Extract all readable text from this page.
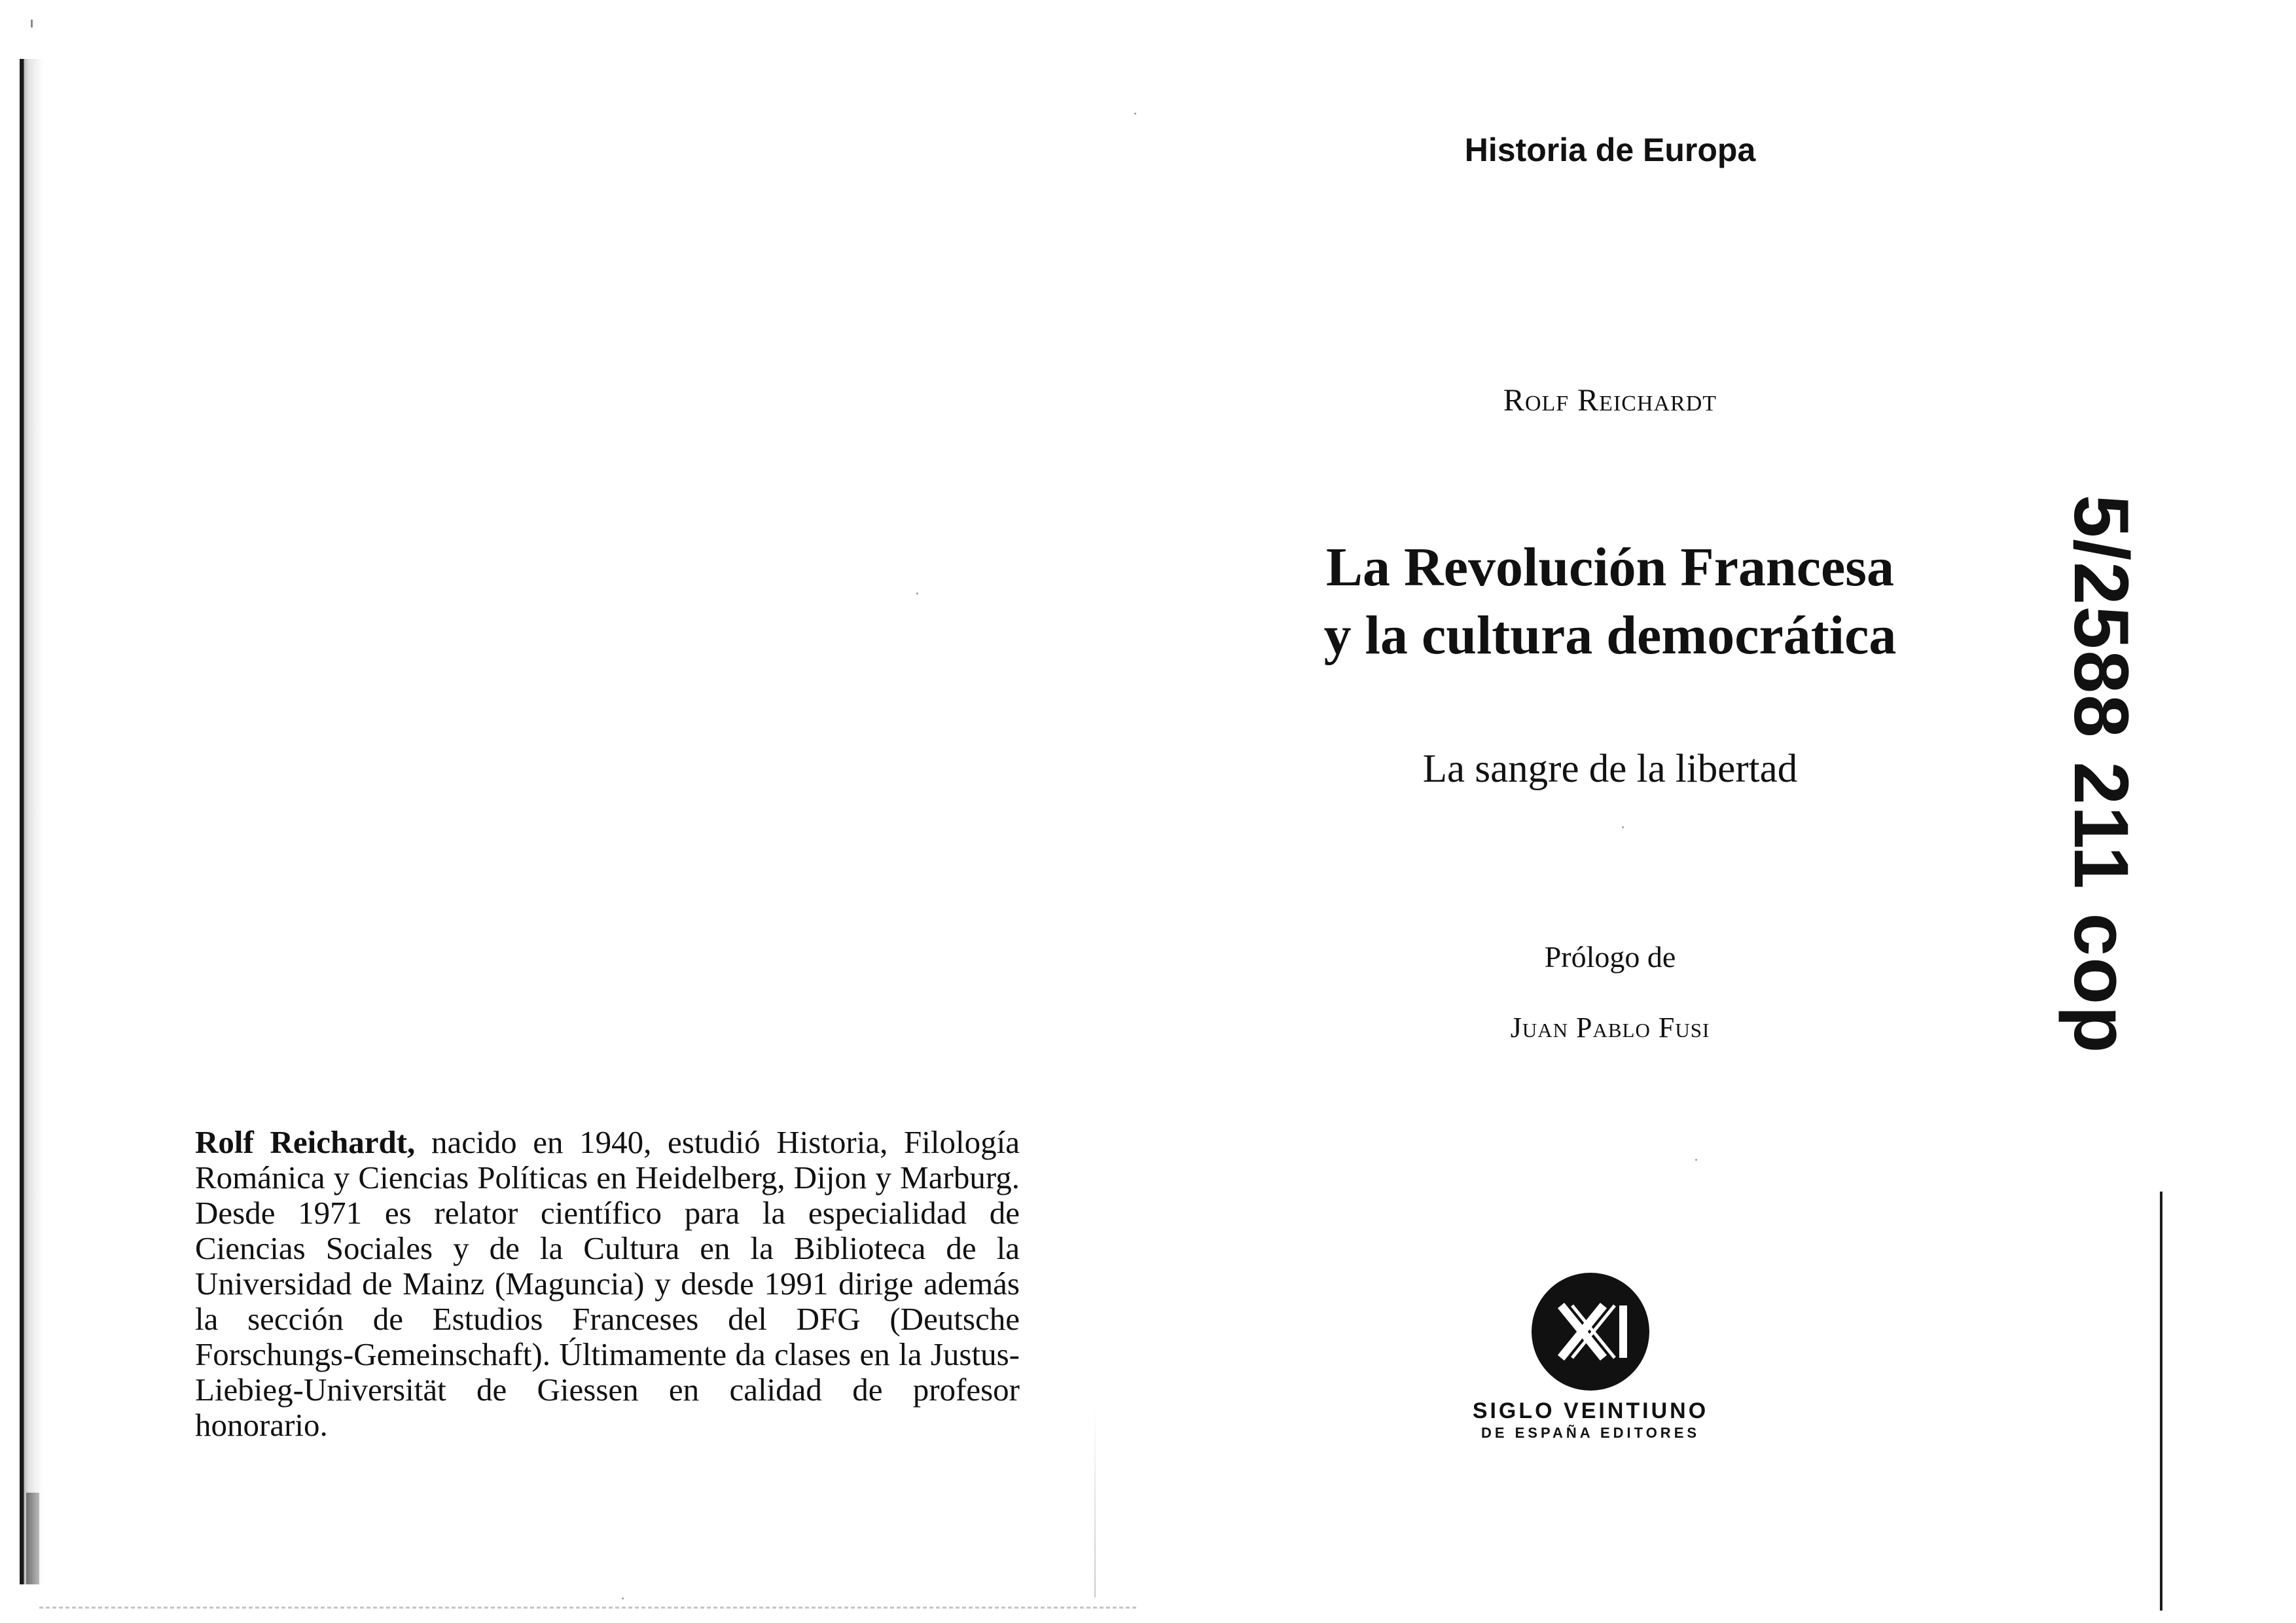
Rolf Reichardt, nacido en 1940, estudió Historia, Filología Románica y Ciencias Políticas en Heidelberg, Dijon y Marburg. Desde 1971 es relator científico para la especialidad de Ciencias Sociales y de la Cultura en la Biblioteca de la Universidad de Mainz (Maguncia) y desde 1991 dirige además la sección de Estudios Franceses del DFG (Deutsche Forschungs-Gemeinschaft). Últimamente da clases en la Justus-Liebieg-Universität de Giessen en calidad de profesor honorario.
Historia de Europa
Rolf Reichardt
La Revolución Francesa
y la cultura democrática
La sangre de la libertad
Prólogo de
Juan Pablo Fusi
SIGLO VEINTIUNO
DE ESPAÑA EDITORES
5/2588 211 cop
